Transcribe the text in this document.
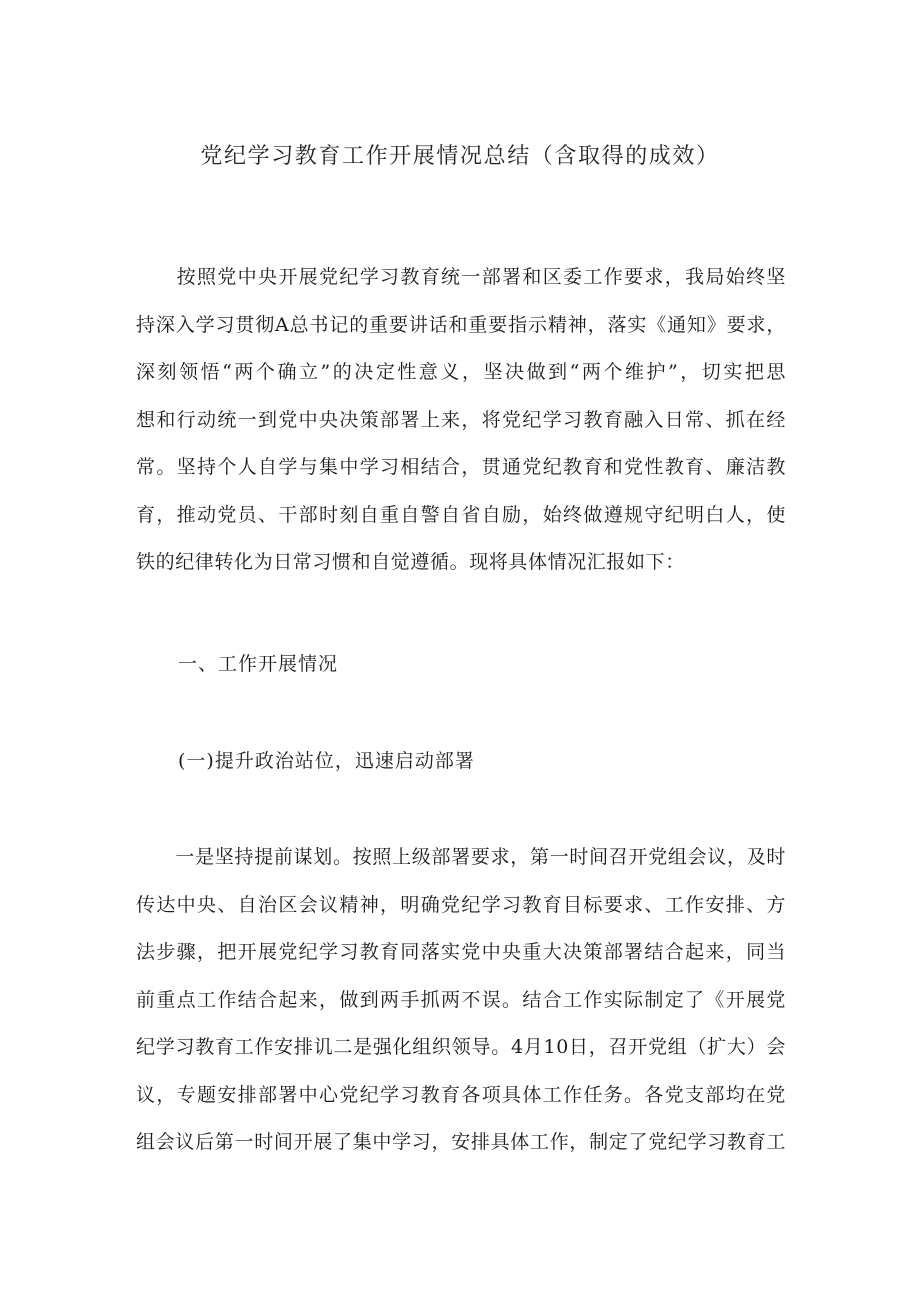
党纪学习教育工作开展情况总结（含取得的成效）
　　按照党中央开展党纪学习教育统一部署和区委工作要求，我局始终坚
持深入学习贯彻A总书记的重要讲话和重要指示精神，落实《通知》要求，
深刻领悟“两个确立”的决定性意义，坚决做到“两个维护”，切实把思
想和行动统一到党中央决策部署上来，将党纪学习教育融入日常、抓在经
常。坚持个人自学与集中学习相结合，贯通党纪教育和党性教育、廉洁教
育，推动党员、干部时刻自重自警自省自励，始终做遵规守纪明白人，使
铁的纪律转化为日常习惯和自觉遵循。现将具体情况汇报如下：
一、工作开展情况
(一)提升政治站位，迅速启动部署
　　一是坚持提前谋划。按照上级部署要求，第一时间召开党组会议，及时
传达中央、自治区会议精神，明确党纪学习教育目标要求、工作安排、方
法步骤，把开展党纪学习教育同落实党中央重大决策部署结合起来，同当
前重点工作结合起来，做到两手抓两不误。结合工作实际制定了《开展党
纪学习教育工作安排讥二是强化组织领导。4月10日，召开党组（扩大）会
议，专题安排部署中心党纪学习教育各项具体工作任务。各党支部均在党
组会议后第一时间开展了集中学习，安排具体工作，制定了党纪学习教育工
